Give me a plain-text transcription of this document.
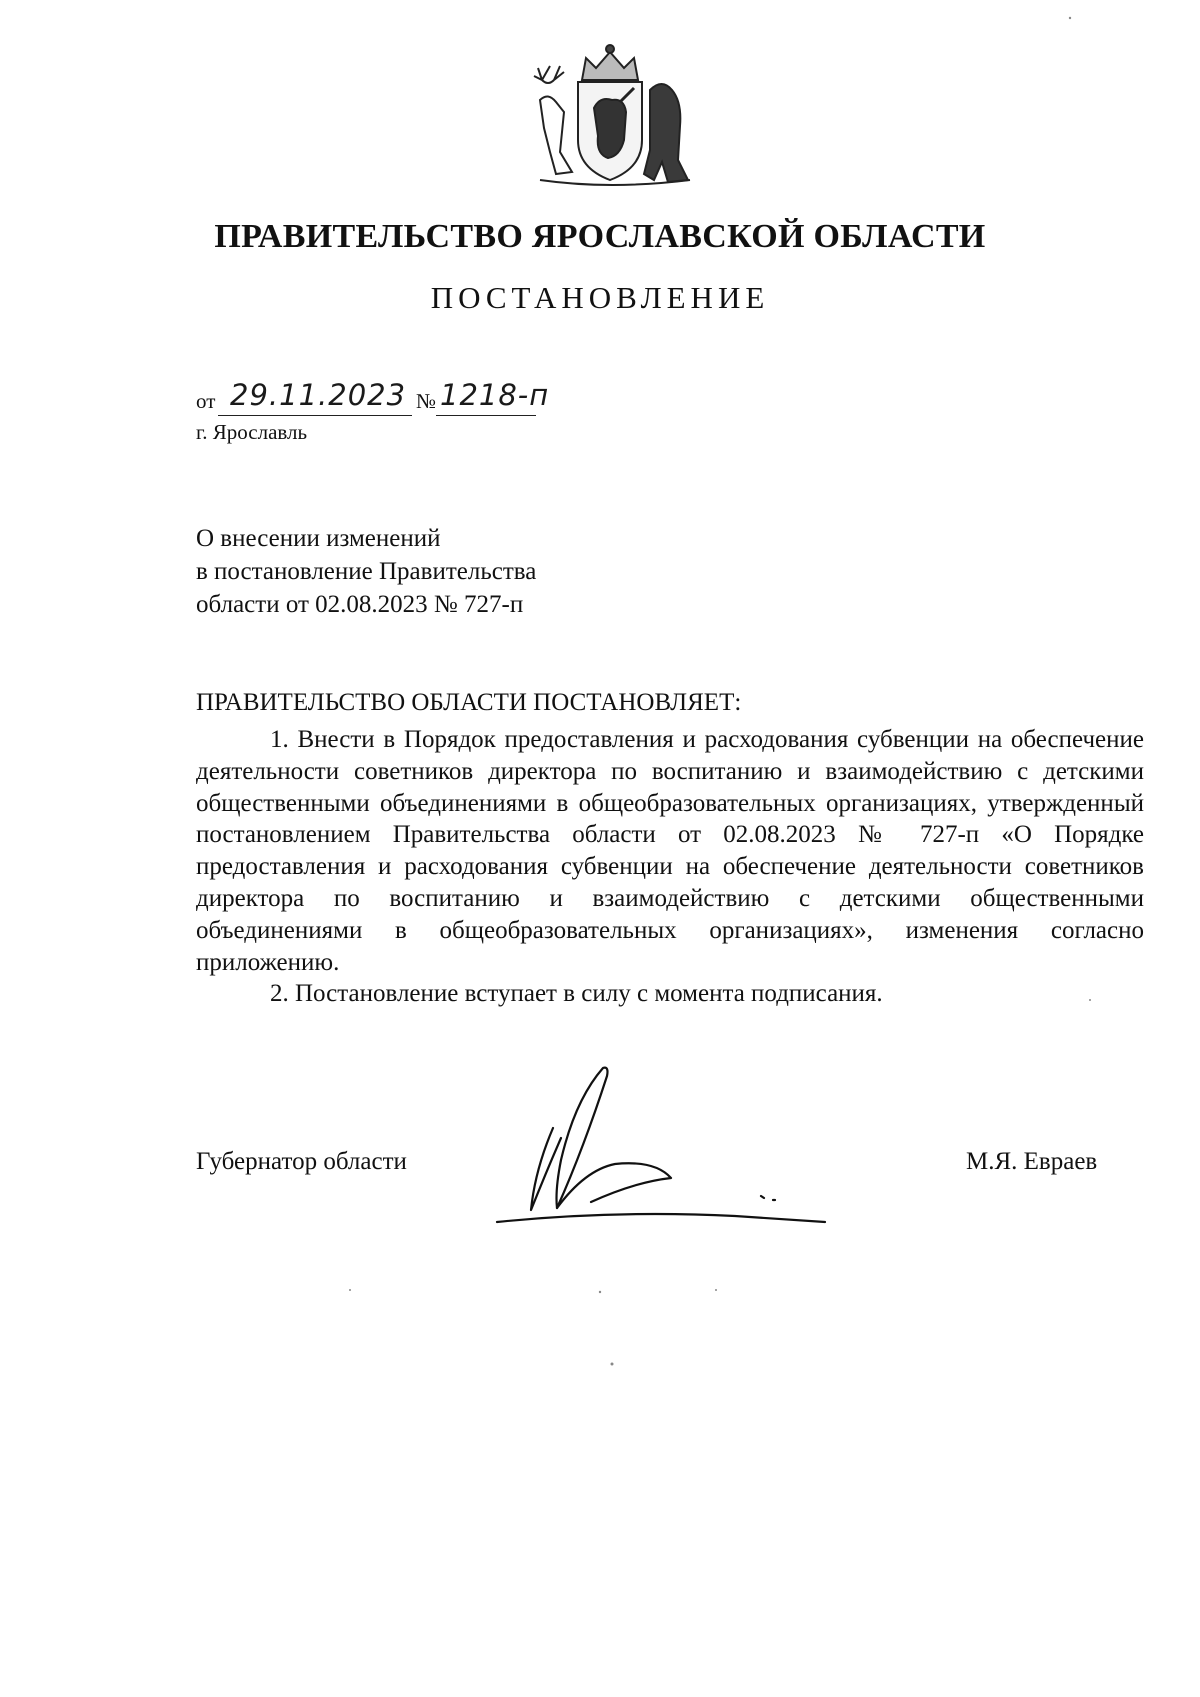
ПРАВИТЕЛЬСТВО ЯРОСЛАВСКОЙ ОБЛАСТИ
ПОСТАНОВЛЕНИЕ
от 29.11.2023 № 1218-п
г. Ярославль
О внесении изменений
в постановление Правительства
области от 02.08.2023 № 727-п
ПРАВИТЕЛЬСТВО ОБЛАСТИ ПОСТАНОВЛЯЕТ:

1. Внести в Порядок предоставления и расходования субвенции на обеспечение деятельности советников директора по воспитанию и взаимодействию с детскими общественными объединениями в общеобразовательных организациях, утвержденный постановлением Правительства области от 02.08.2023 № 727-п «О Порядке предоставления и расходования субвенции на обеспечение деятельности советников директора по воспитанию и взаимодействию с детскими общественными объединениями в общеобразовательных организациях», изменения согласно приложению.

2. Постановление вступает в силу с момента подписания.

Губернатор области	М.Я. Евраев
